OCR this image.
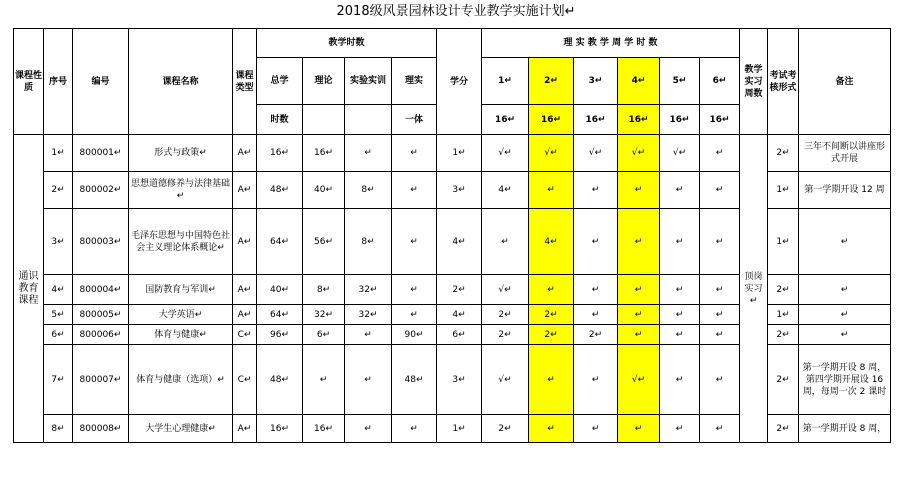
2018级风景园林设计专业教学实施计划↵
课程性质	序号	编号	课程名称	课程类型	教学时数				学分	理 实 教 学 周 学 时 数						教学实习周数	考试考核形式	备注
					总学	理论	实验实训	理实		1↵	2↵	3↵	4↵	5↵	6↵			
					时数			一体		16↵	16↵	16↵	16↵	16↵	16↵			
通识教育课程	1↵	800001↵	形式与政策↵	A↵	16↵	16↵	↵	↵	1↵	√↵	√↵	√↵	√↵	√↵	↵	顶岗实习↵	2↵	三年不间断以讲座形式开展
	2↵	800002↵	思想道德修养与法律基础↵	A↵	48↵	40↵	8↵	↵	3↵	4↵	↵	↵	↵	↵	↵		1↵	第一学期开设 12 周
	3↵	800003↵	毛泽东思想与中国特色社会主义理论体系概论↵	A↵	64↵	56↵	8↵	↵	4↵	↵	4↵	↵	↵	↵	↵		1↵	↵
	4↵	800004↵	国防教育与军训↵	A↵	40↵	8↵	32↵	↵	2↵	√↵	↵	↵	↵	↵	↵		2↵	↵
	5↵	800005↵	大学英语↵	A↵	64↵	32↵	32↵	↵	4↵	2↵	2↵	↵	↵	↵	↵		1↵	↵
	6↵	800006↵	体育与健康↵	C↵	96↵	6↵	↵	90↵	6↵	2↵	2↵	2↵	↵	↵	↵		2↵	↵
	7↵	800007↵	体育与健康（选项）↵	C↵	48↵	↵	↵	48↵	3↵	√↵	↵	↵	√↵	↵	↵		2↵	第一学期开设 8 周，第四学期开展设 16 周，每周一次 2 课时
	8↵	800008↵	大学生心理健康↵	A↵	16↵	16↵	↵	↵	1↵	2↵	↵	↵	↵	↵	↵		2↵	第一学期开设 8 周，
